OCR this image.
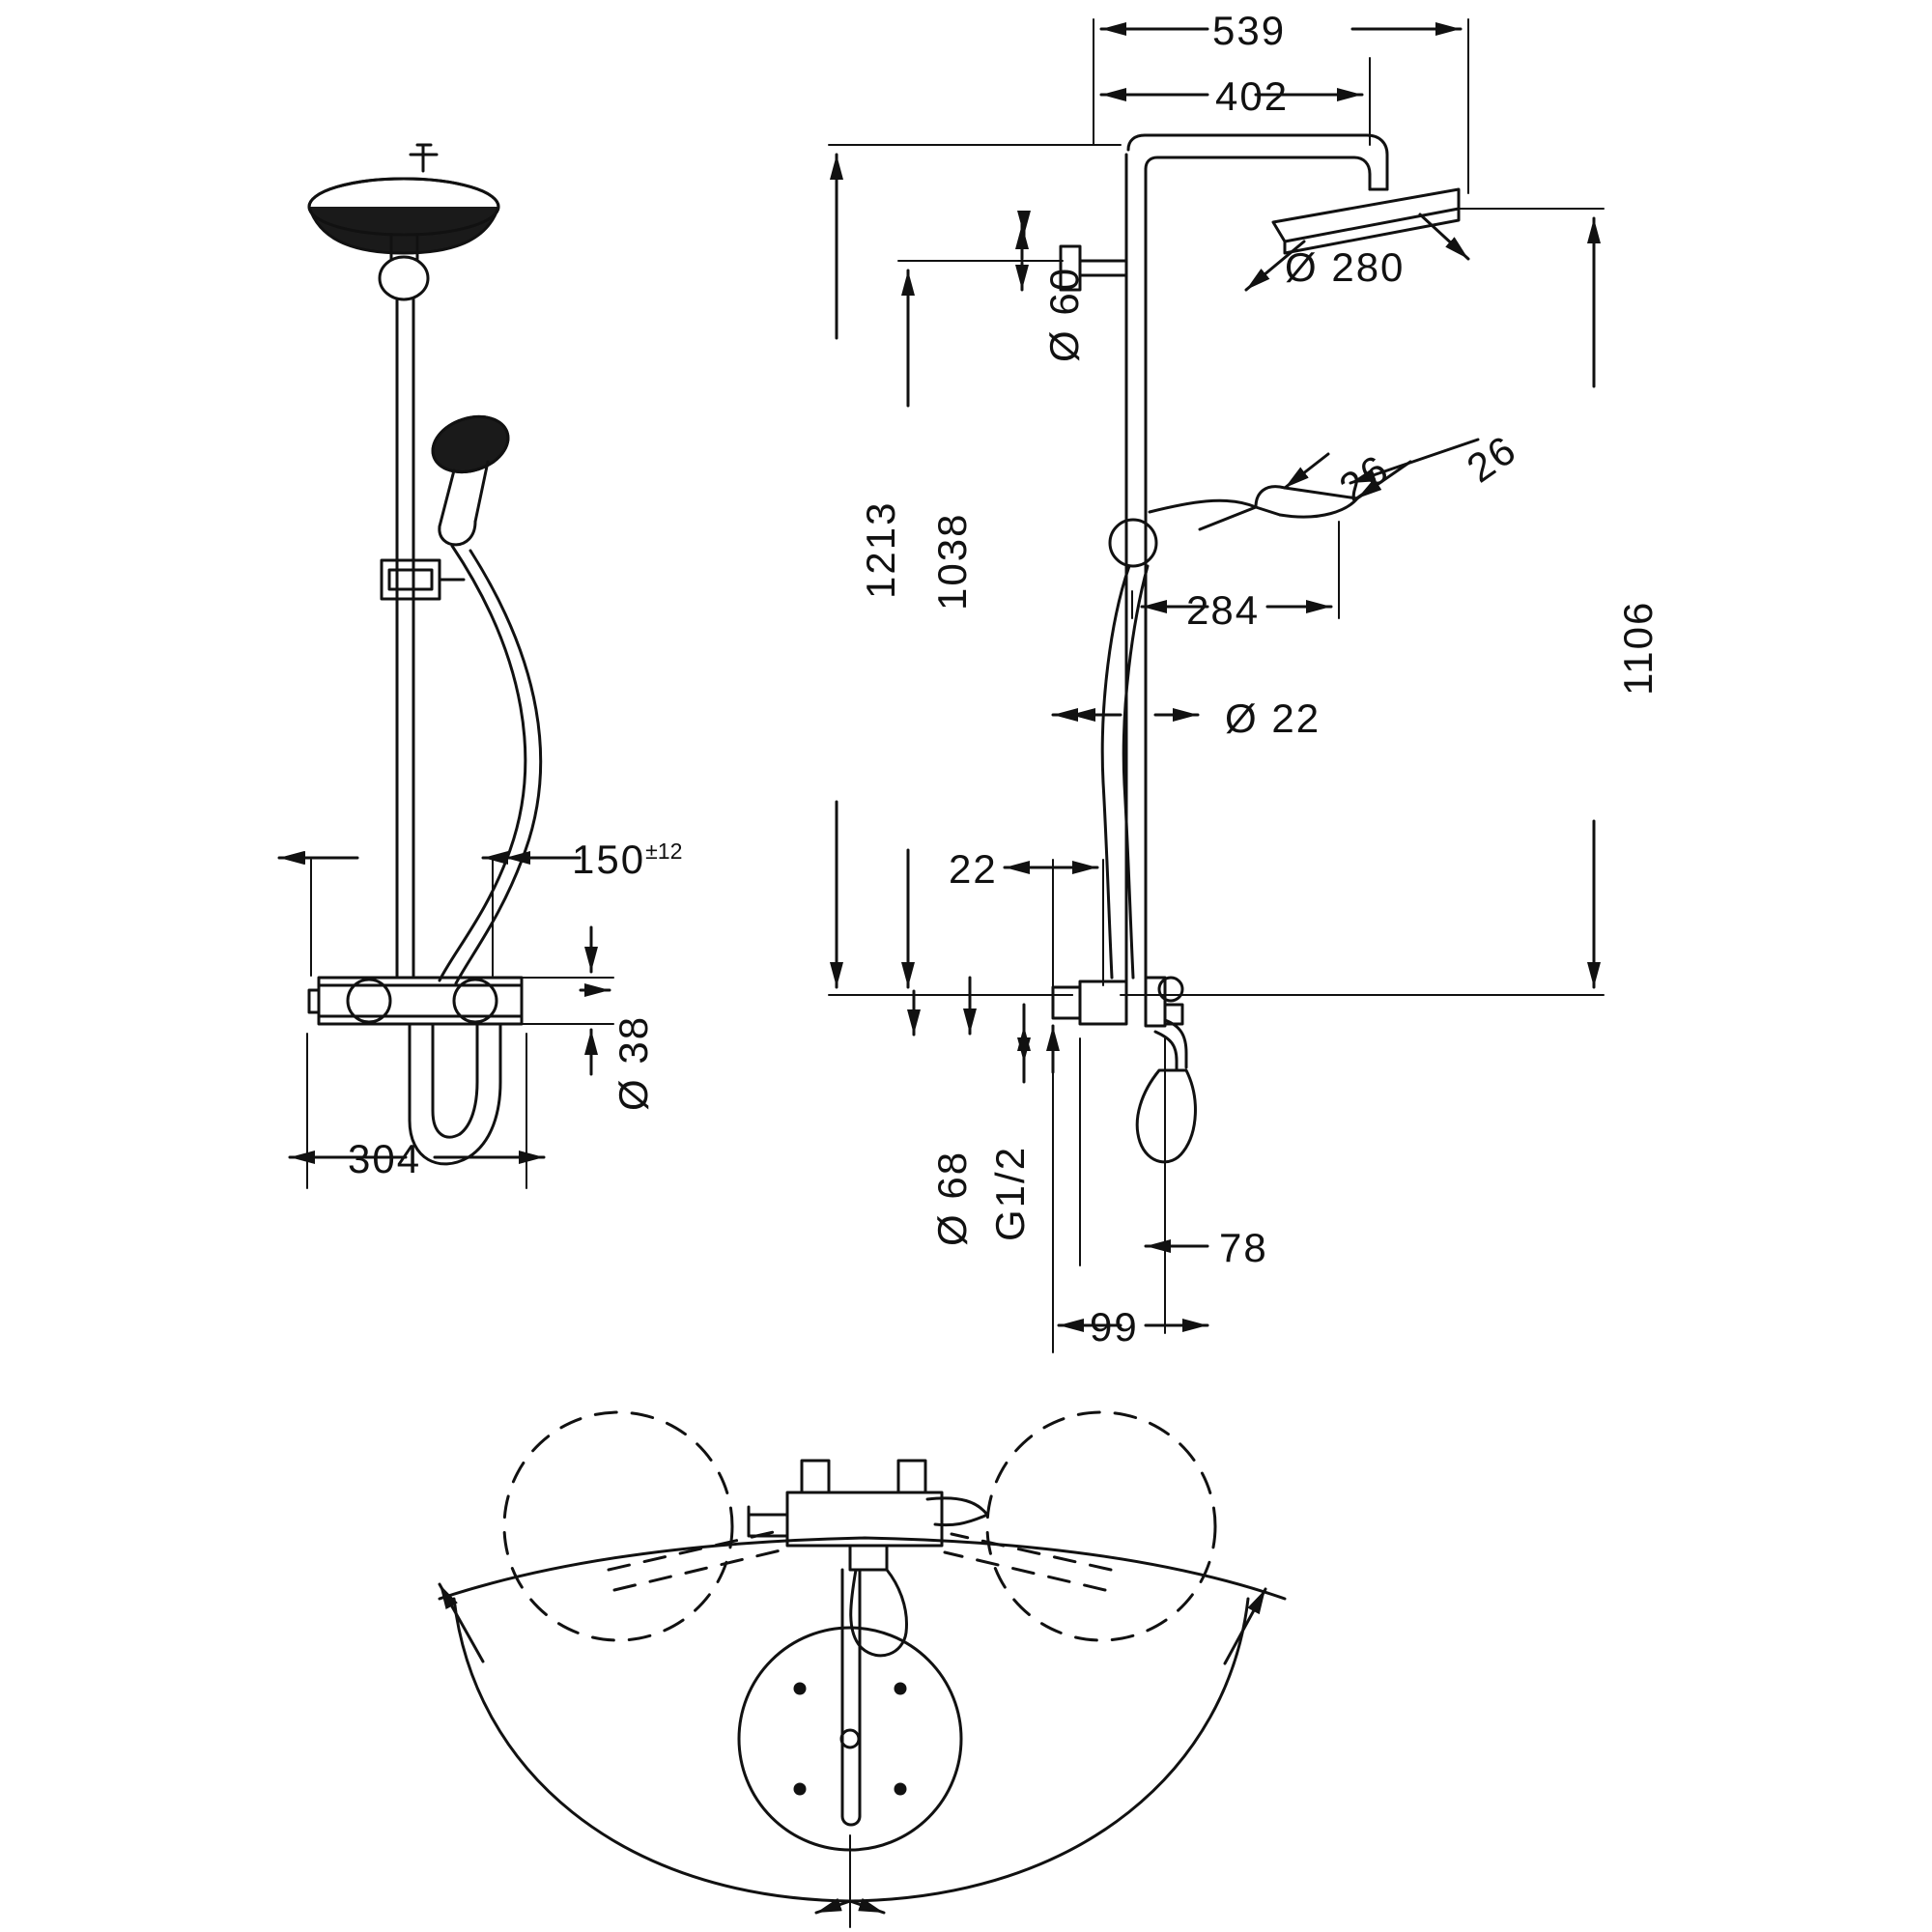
539
402
Ø 280
Ø 60
1213 1038
1106
26 26
284
Ø 22
22
150±12
Ø 38
304	Ø 68 G1/2
78
99
